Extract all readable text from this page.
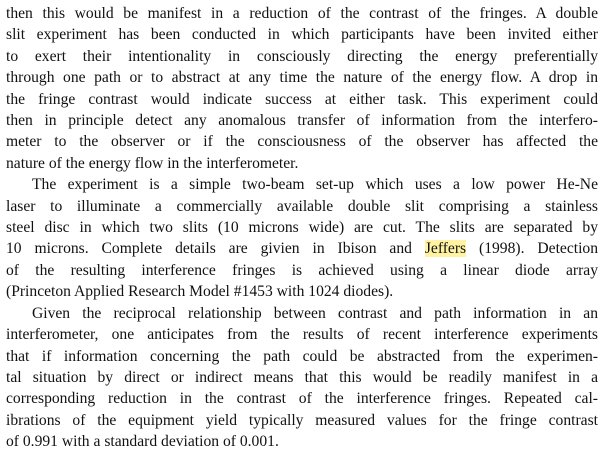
then this would be manifest in a reduction of the contrast of the fringes. A double
slit experiment has been conducted in which participants have been invited either
to exert their intentionality in consciously directing the energy preferentially
through one path or to abstract at any time the nature of the energy flow. A drop in
the fringe contrast would indicate success at either task. This experiment could
then in principle detect any anomalous transfer of information from the interfero-
meter to the observer or if the consciousness of the observer has affected the
nature of the energy flow in the interferometer.
The experiment is a simple two-beam set-up which uses a low power He-Ne
laser to illuminate a commercially available double slit comprising a stainless
steel disc in which two slits (10 microns wide) are cut. The slits are separated by
10 microns. Complete details are givien in Ibison and Jeffers (1998). Detection
of the resulting interference fringes is achieved using a linear diode array
(Princeton Applied Research Model #1453 with 1024 diodes).
Given the reciprocal relationship between contrast and path information in an
interferometer, one anticipates from the results of recent interference experiments
that if information concerning the path could be abstracted from the experimen-
tal situation by direct or indirect means that this would be readily manifest in a
corresponding reduction in the contrast of the interference fringes. Repeated cal-
ibrations of the equipment yield typically measured values for the fringe contrast
of 0.991 with a standard deviation of 0.001.
